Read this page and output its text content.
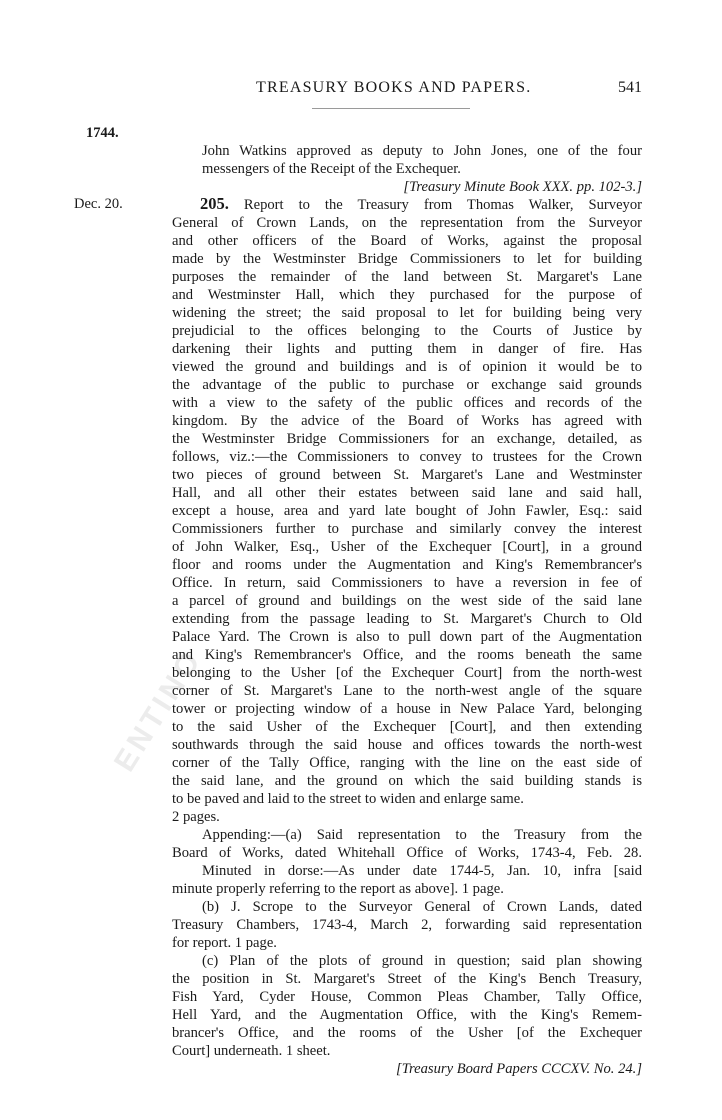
ENTINO
TREASURY BOOKS AND PAPERS.	541
1744.
Dec. 20.
John Watkins approved as deputy to John Jones, one of the four
messengers of the Receipt of the Exchequer.
[Treasury Minute Book XXX. pp. 102-3.]
205. Report to the Treasury from Thomas Walker, Surveyor
General of Crown Lands, on the representation from the Surveyor
and other officers of the Board of Works, against the proposal
made by the Westminster Bridge Commissioners to let for building
purposes the remainder of the land between St. Margaret's Lane
and Westminster Hall, which they purchased for the purpose of
widening the street; the said proposal to let for building being very
prejudicial to the offices belonging to the Courts of Justice by
darkening their lights and putting them in danger of fire. Has
viewed the ground and buildings and is of opinion it would be to
the advantage of the public to purchase or exchange said grounds
with a view to the safety of the public offices and records of the
kingdom. By the advice of the Board of Works has agreed with
the Westminster Bridge Commissioners for an exchange, detailed, as
follows, viz.:—the Commissioners to convey to trustees for the Crown
two pieces of ground between St. Margaret's Lane and Westminster
Hall, and all other their estates between said lane and said hall,
except a house, area and yard late bought of John Fawler, Esq.: said
Commissioners further to purchase and similarly convey the interest
of John Walker, Esq., Usher of the Exchequer [Court], in a ground
floor and rooms under the Augmentation and King's Remembrancer's
Office. In return, said Commissioners to have a reversion in fee of
a parcel of ground and buildings on the west side of the said lane
extending from the passage leading to St. Margaret's Church to Old
Palace Yard. The Crown is also to pull down part of the Augmentation
and King's Remembrancer's Office, and the rooms beneath the same
belonging to the Usher [of the Exchequer Court] from the north-west
corner of St. Margaret's Lane to the north-west angle of the square
tower or projecting window of a house in New Palace Yard, belonging
to the said Usher of the Exchequer [Court], and then extending
southwards through the said house and offices towards the north-west
corner of the Tally Office, ranging with the line on the east side of
the said lane, and the ground on which the said building stands is
to be paved and laid to the street to widen and enlarge same.
2 pages.
Appending:—(a) Said representation to the Treasury from the
Board of Works, dated Whitehall Office of Works, 1743-4, Feb. 28.
Minuted in dorse:—As under date 1744-5, Jan. 10, infra [said
minute properly referring to the report as above]. 1 page.
(b) J. Scrope to the Surveyor General of Crown Lands, dated
Treasury Chambers, 1743-4, March 2, forwarding said representation
for report. 1 page.
(c) Plan of the plots of ground in question; said plan showing
the position in St. Margaret's Street of the King's Bench Treasury,
Fish Yard, Cyder House, Common Pleas Chamber, Tally Office,
Hell Yard, and the Augmentation Office, with the King's Remem-
brancer's Office, and the rooms of the Usher [of the Exchequer
Court] underneath. 1 sheet.
[Treasury Board Papers CCCXV. No. 24.]
